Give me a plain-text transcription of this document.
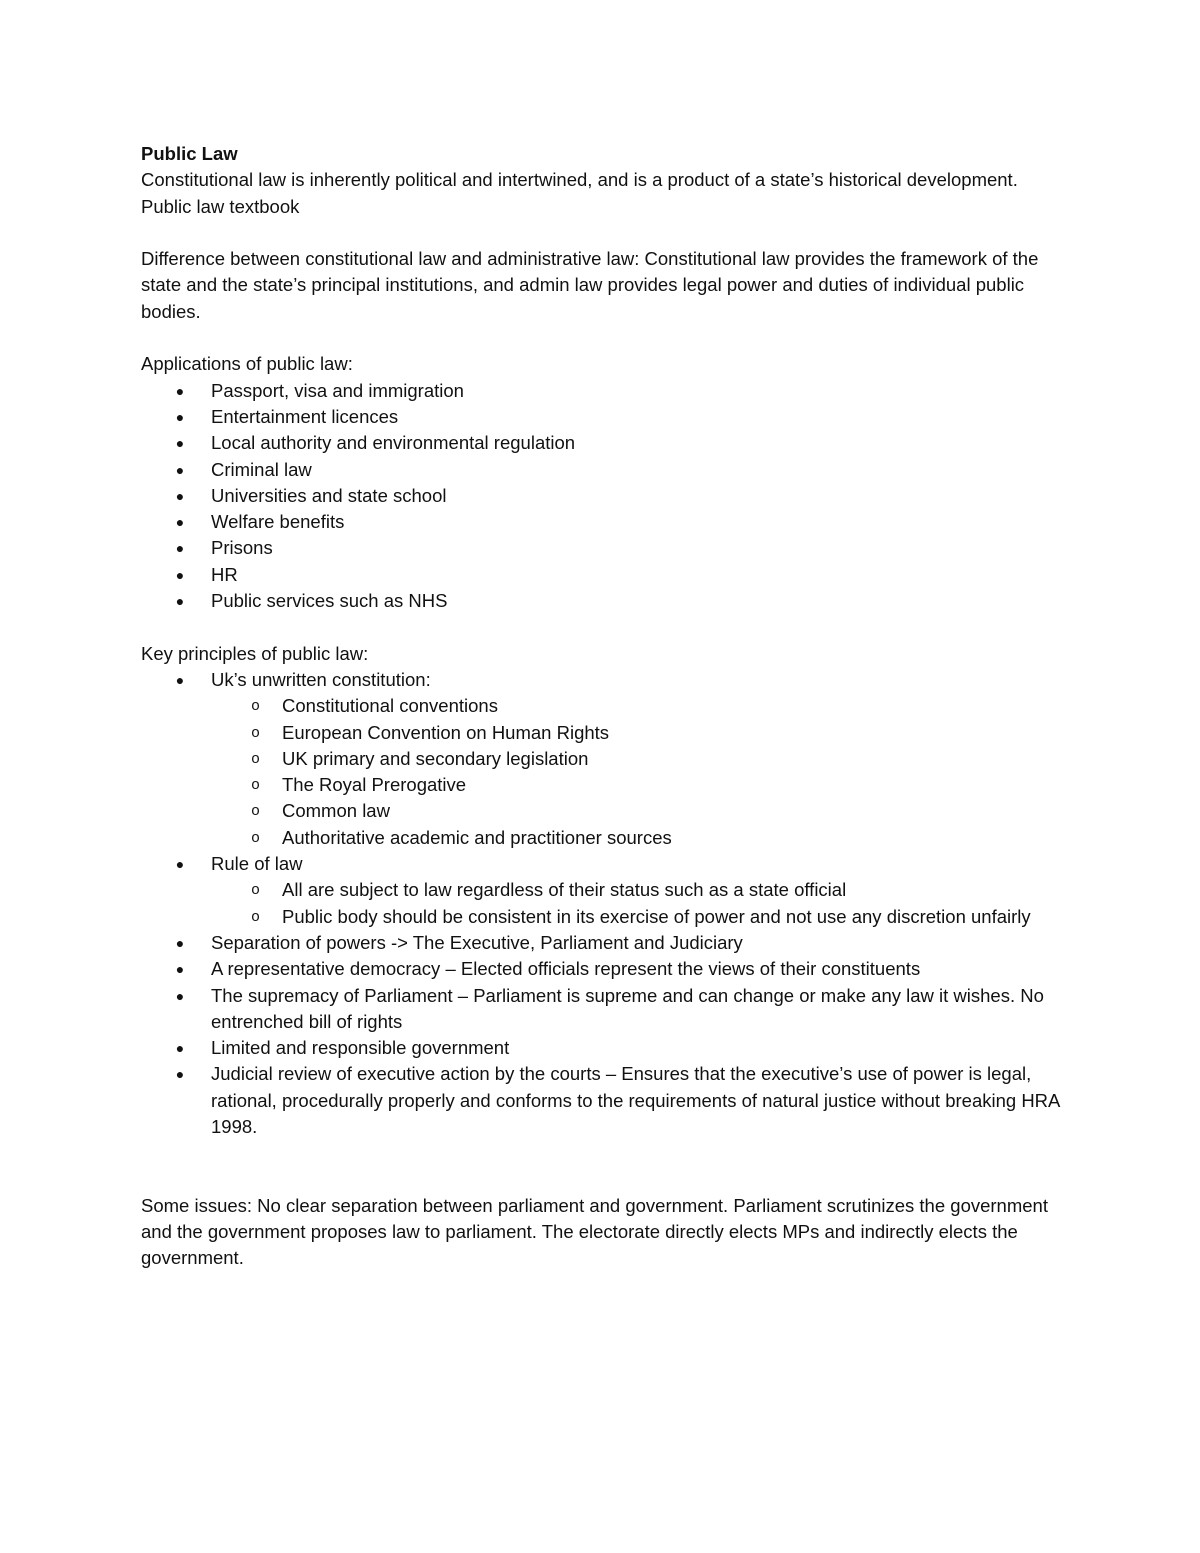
Public Law

Constitutional law is inherently political and intertwined, and is a product of a state’s historical development. Public law textbook

Difference between constitutional law and administrative law: Constitutional law provides the framework of the state and the state’s principal institutions, and admin law provides legal power and duties of individual public bodies.

Applications of public law:

● Passport, visa and immigration
● Entertainment licences
● Local authority and environmental regulation
● Criminal law
● Universities and state school
● Welfare benefits
● Prisons
● HR
● Public services such as NHS

Key principles of public law:

● Uk’s unwritten constitution:
o Constitutional conventions
o European Convention on Human Rights
o UK primary and secondary legislation
o The Royal Prerogative
o Common law
o Authoritative academic and practitioner sources
● Rule of law
o All are subject to law regardless of their status such as a state official
o Public body should be consistent in its exercise of power and not use any discretion unfairly
● Separation of powers -> The Executive, Parliament and Judiciary
● A representative democracy – Elected officials represent the views of their constituents
● The supremacy of Parliament – Parliament is supreme and can change or make any law it wishes. No entrenched bill of rights
● Limited and responsible government
● Judicial review of executive action by the courts – Ensures that the executive’s use of power is legal, rational, procedurally properly and conforms to the requirements of natural justice without breaking HRA 1998.

Some issues: No clear separation between parliament and government. Parliament scrutinizes the government and the government proposes law to parliament. The electorate directly elects MPs and indirectly elects the government.
